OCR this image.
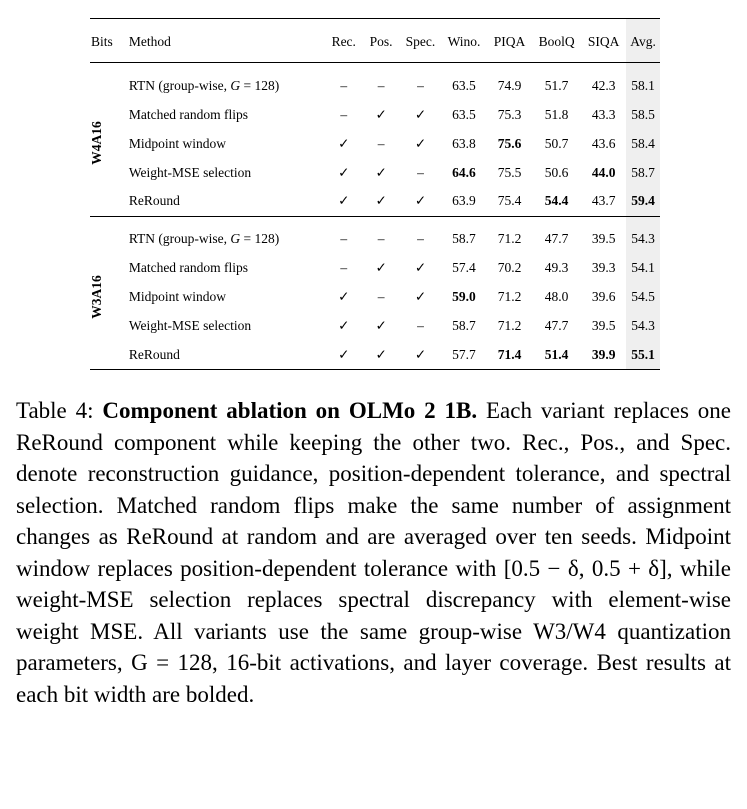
Bits	Method	Rec.	Pos.	Spec.	Wino.	PIQA	BoolQ	SIQA	Avg.

W4A16	RTN (group-wise, G = 128)	–	–	–	63.5	74.9	51.7	42.3	58.1
	Matched random flips	–	✓	✓	63.5	75.3	51.8	43.3	58.5
	Midpoint window	✓	–	✓	63.8	75.6	50.7	43.6	58.4
	Weight-MSE selection	✓	✓	–	64.6	75.5	50.6	44.0	58.7
	ReRound	✓	✓	✓	63.9	75.4	54.4	43.7	59.4

W3A16	RTN (group-wise, G = 128)	–	–	–	58.7	71.2	47.7	39.5	54.3
	Matched random flips	–	✓	✓	57.4	70.2	49.3	39.3	54.1
	Midpoint window	✓	–	✓	59.0	71.2	48.0	39.6	54.5
	Weight-MSE selection	✓	✓	–	58.7	71.2	47.7	39.5	54.3
	ReRound	✓	✓	✓	57.7	71.4	51.4	39.9	55.1
Table 4: Component ablation on OLMo 2 1B. Each variant replaces one ReRound component while keeping the other two. Rec., Pos., and Spec. denote reconstruction guidance, position-dependent tolerance, and spectral selection. Matched random flips make the same number of assignment changes as ReRound at random and are averaged over ten seeds. Midpoint window replaces position-dependent tolerance with [0.5 − δ, 0.5 + δ], while weight-MSE selection replaces spectral discrepancy with element-wise weight MSE. All variants use the same group-wise W3/W4 quantization parameters, G = 128, 16-bit activations, and layer coverage. Best results at each bit width are bolded.
